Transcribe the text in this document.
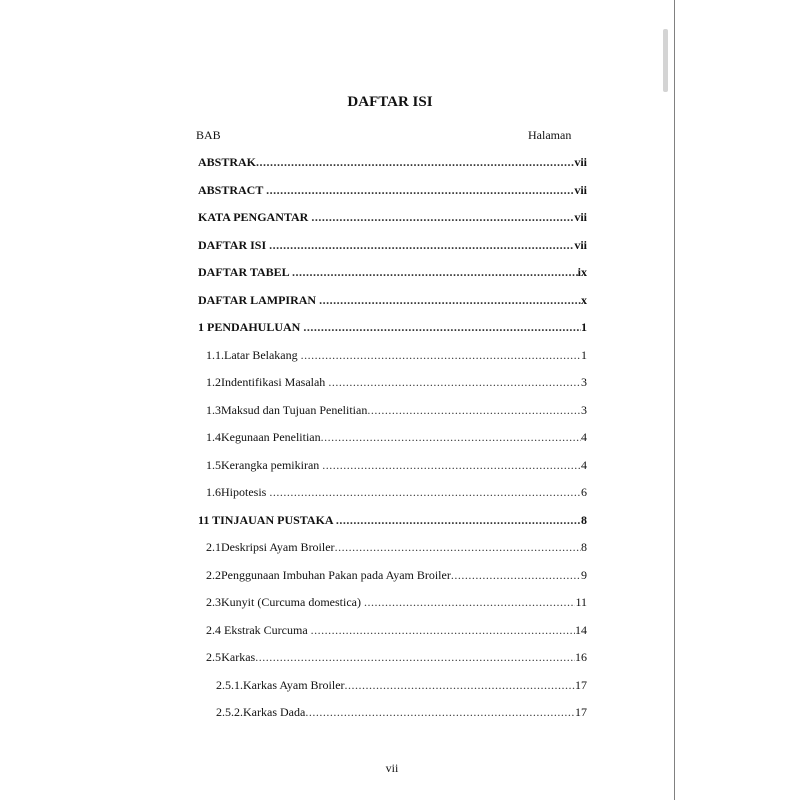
DAFTAR ISI
BAB	Halaman
ABSTRAK .....	vii
ABSTRACT .....	vii
KATA PENGANTAR .....	vii
DAFTAR ISI .....	vii
DAFTAR TABEL .....	ix
DAFTAR LAMPIRAN .....	x
1 PENDAHULUAN .....	1
1.1. Latar Belakang .....	1
1.2 Indentifikasi Masalah .....	3
1.3 Maksud dan Tujuan Penelitian .....	3
1.4 Kegunaan Penelitian .....	4
1.5 Kerangka pemikiran .....	4
1.6 Hipotesis .....	6
11 TINJAUAN PUSTAKA .....	8
2.1 Deskripsi Ayam Broiler .....	8
2.2 Penggunaan Imbuhan Pakan pada Ayam Broiler .....	9
2.3 Kunyit (Curcuma domestica) .....	11
2.4 Ekstrak Curcuma .....	14
2.5 Karkas .....	16
2.5.1. Karkas Ayam Broiler .....	17
2.5.2. Karkas Dada .....	17
vii
